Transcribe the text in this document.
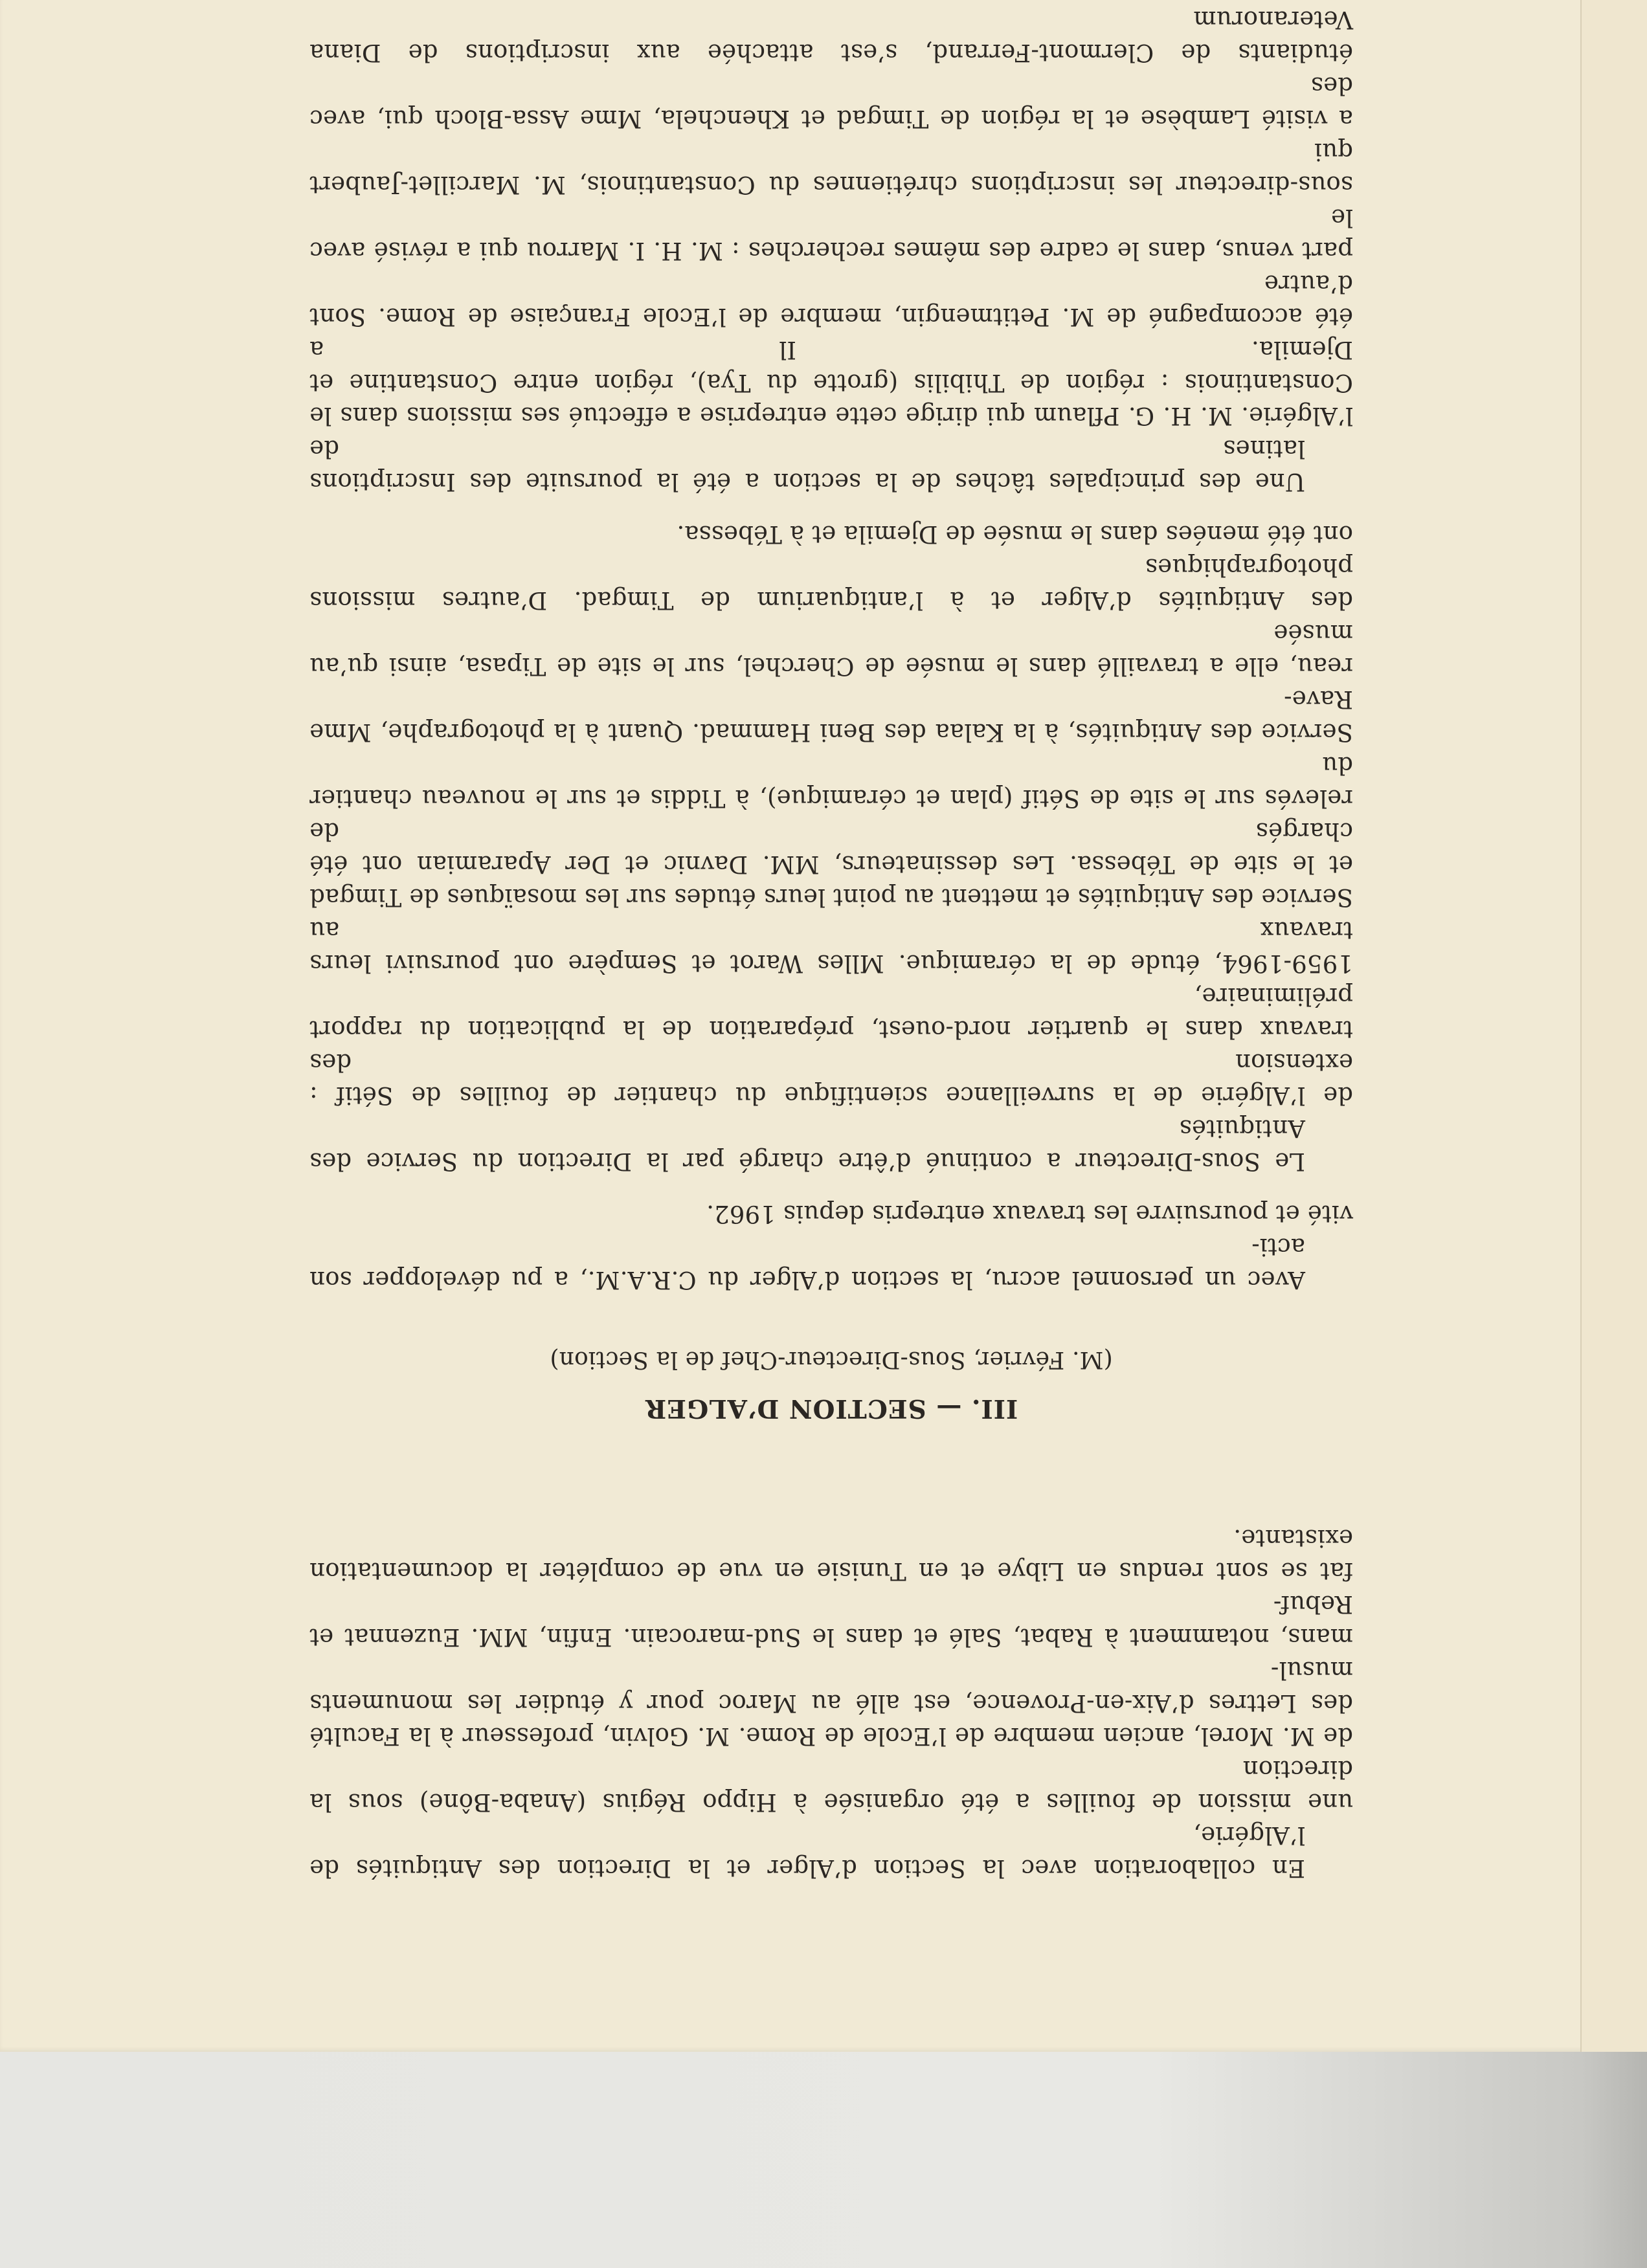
En collaboration avec la Section d’Alger et la Direction des Antiquités de l’Algérie,
une mission de fouilles a été organisée à Hippo Régius (Anaba-Bône) sous la direction
de M. Morel, ancien membre de l’Ecole de Rome. M. Golvin, professeur à la Faculté
des Lettres d’Aix-en-Provence, est allé au Maroc pour y étudier les monuments musul-
mans, notamment à Rabat, Salé et dans le Sud-marocain. Enfin, MM. Euzennat et Rebuf-
fat se sont rendus en Libye et en Tunisie en vue de compléter la documentation existante.
III. — SECTION D’ALGER
(M. Février, Sous-Directeur-Chef de la Section)
Avec un personnel accru, la section d’Alger du C.R.A.M., a pu développer son acti-
vité et poursuivre les travaux entrepris depuis 1962.
Le Sous-Directeur a continué d’être chargé par la Direction du Service des Antiquités
de l’Algérie de la surveillance scientifique du chantier de fouilles de Sétif : extension des
travaux dans le quartier nord-ouest, préparation de la publication du rapport préliminaire,
1959-1964, étude de la céramique. Mlles Warot et Sempère ont poursuivi leurs travaux au
Service des Antiquités et mettent au point leurs études sur les mosaïques de Timgad
et le site de Tébessa. Les dessinateurs, MM. Davnic et Der Aparamian ont été chargés de
relevés sur le site de Sétif (plan et céramique), à Tiddis et sur le nouveau chantier du
Service des Antiquités, à la Kalaa des Beni Hammad. Quant à la photographe, Mme Rave-
reau, elle a travaillé dans le musée de Cherchel, sur le site de Tipasa, ainsi qu’au musée
des Antiquités d’Alger et à l’antiquarium de Timgad. D’autres missions photographiques
ont été menées dans le musée de Djemila et à Tébessa.
Une des principales tâches de la section a été la poursuite des Inscriptions latines de
l’Algérie. M. H. G. Pflaum qui dirige cette entreprise a effectué ses missions dans le
Constantinois : région de Thibilis (grotte du Tya), région entre Constantine et Djemila. Il a
été accompagné de M. Petitmengin, membre de l’Ecole Française de Rome. Sont d’autre
part venus, dans le cadre des mêmes recherches : M. H. I. Marrou qui a révisé avec le
sous-directeur les inscriptions chrétiennes du Constantinois, M. Marcillet-Jaubert qui
a visité Lambèse et la région de Timgad et Khenchela, Mme Assa-Bloch qui, avec des
étudiants de Clermont-Ferrand, s’est attachée aux inscriptions de Diana Veteranorum
